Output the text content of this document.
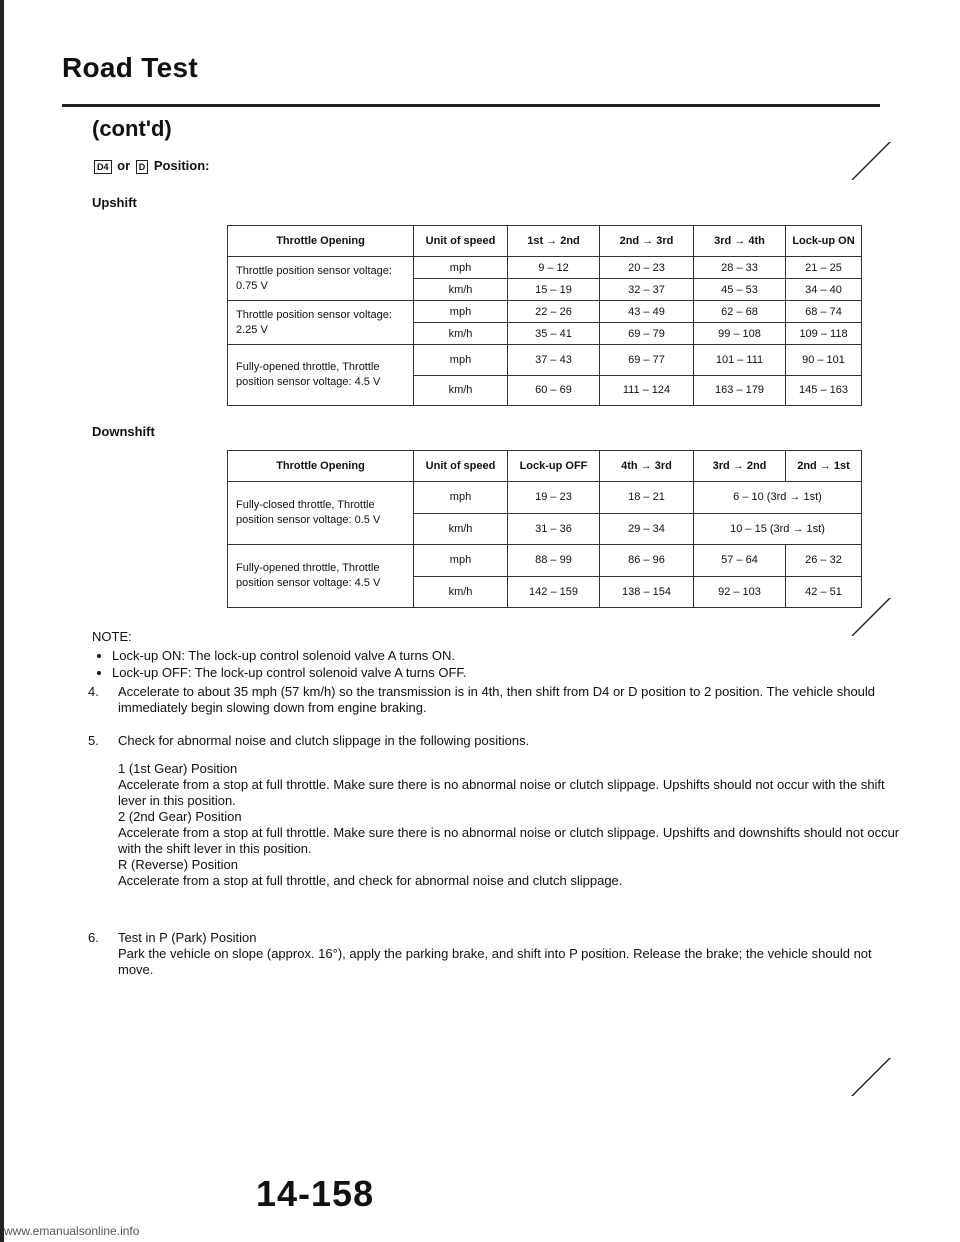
Road Test
(cont'd)
D4 or D Position:
Upshift
Throttle Opening	Unit of speed	1st → 2nd	2nd → 3rd	3rd → 4th	Lock-up ON
Throttle position sensor voltage: 0.75 V	mph	9 – 12	20 – 23	28 – 33	21 – 25
	km/h	15 – 19	32 – 37	45 – 53	34 – 40
Throttle position sensor voltage: 2.25 V	mph	22 – 26	43 – 49	62 – 68	68 – 74
	km/h	35 – 41	69 – 79	99 – 108	109 – 118
Fully-opened throttle, Throttle position sensor voltage: 4.5 V	mph	37 – 43	69 – 77	101 – 111	90 – 101
	km/h	60 – 69	111 – 124	163 – 179	145 – 163
Downshift
Throttle Opening	Unit of speed	Lock-up OFF	4th → 3rd	3rd → 2nd	2nd → 1st
Fully-closed throttle, Throttle position sensor voltage: 0.5 V	mph	19 – 23	18 – 21	6 – 10 (3rd → 1st)	
	km/h	31 – 36	29 – 34	10 – 15 (3rd → 1st)	
Fully-opened throttle, Throttle position sensor voltage: 4.5 V	mph	88 – 99	86 – 96	57 – 64	26 – 32
	km/h	142 – 159	138 – 154	92 – 103	42 – 51
NOTE:
• Lock-up ON: The lock-up control solenoid valve A turns ON.
• Lock-up OFF: The lock-up control solenoid valve A turns OFF.
4. Accelerate to about 35 mph (57 km/h) so the transmission is in 4th, then shift from D4 or D position to 2 position. The vehicle should immediately begin slowing down from engine braking.
5. Check for abnormal noise and clutch slippage in the following positions.
1 (1st Gear) Position
Accelerate from a stop at full throttle. Make sure there is no abnormal noise or clutch slippage. Upshifts should not occur with the shift lever in this position.
2 (2nd Gear) Position
Accelerate from a stop at full throttle. Make sure there is no abnormal noise or clutch slippage. Upshifts and downshifts should not occur with the shift lever in this position.
R (Reverse) Position
Accelerate from a stop at full throttle, and check for abnormal noise and clutch slippage.
6. Test in P (Park) Position
Park the vehicle on slope (approx. 16°), apply the parking brake, and shift into P position. Release the brake; the vehicle should not move.
14-158
www.emanualsonline.info
